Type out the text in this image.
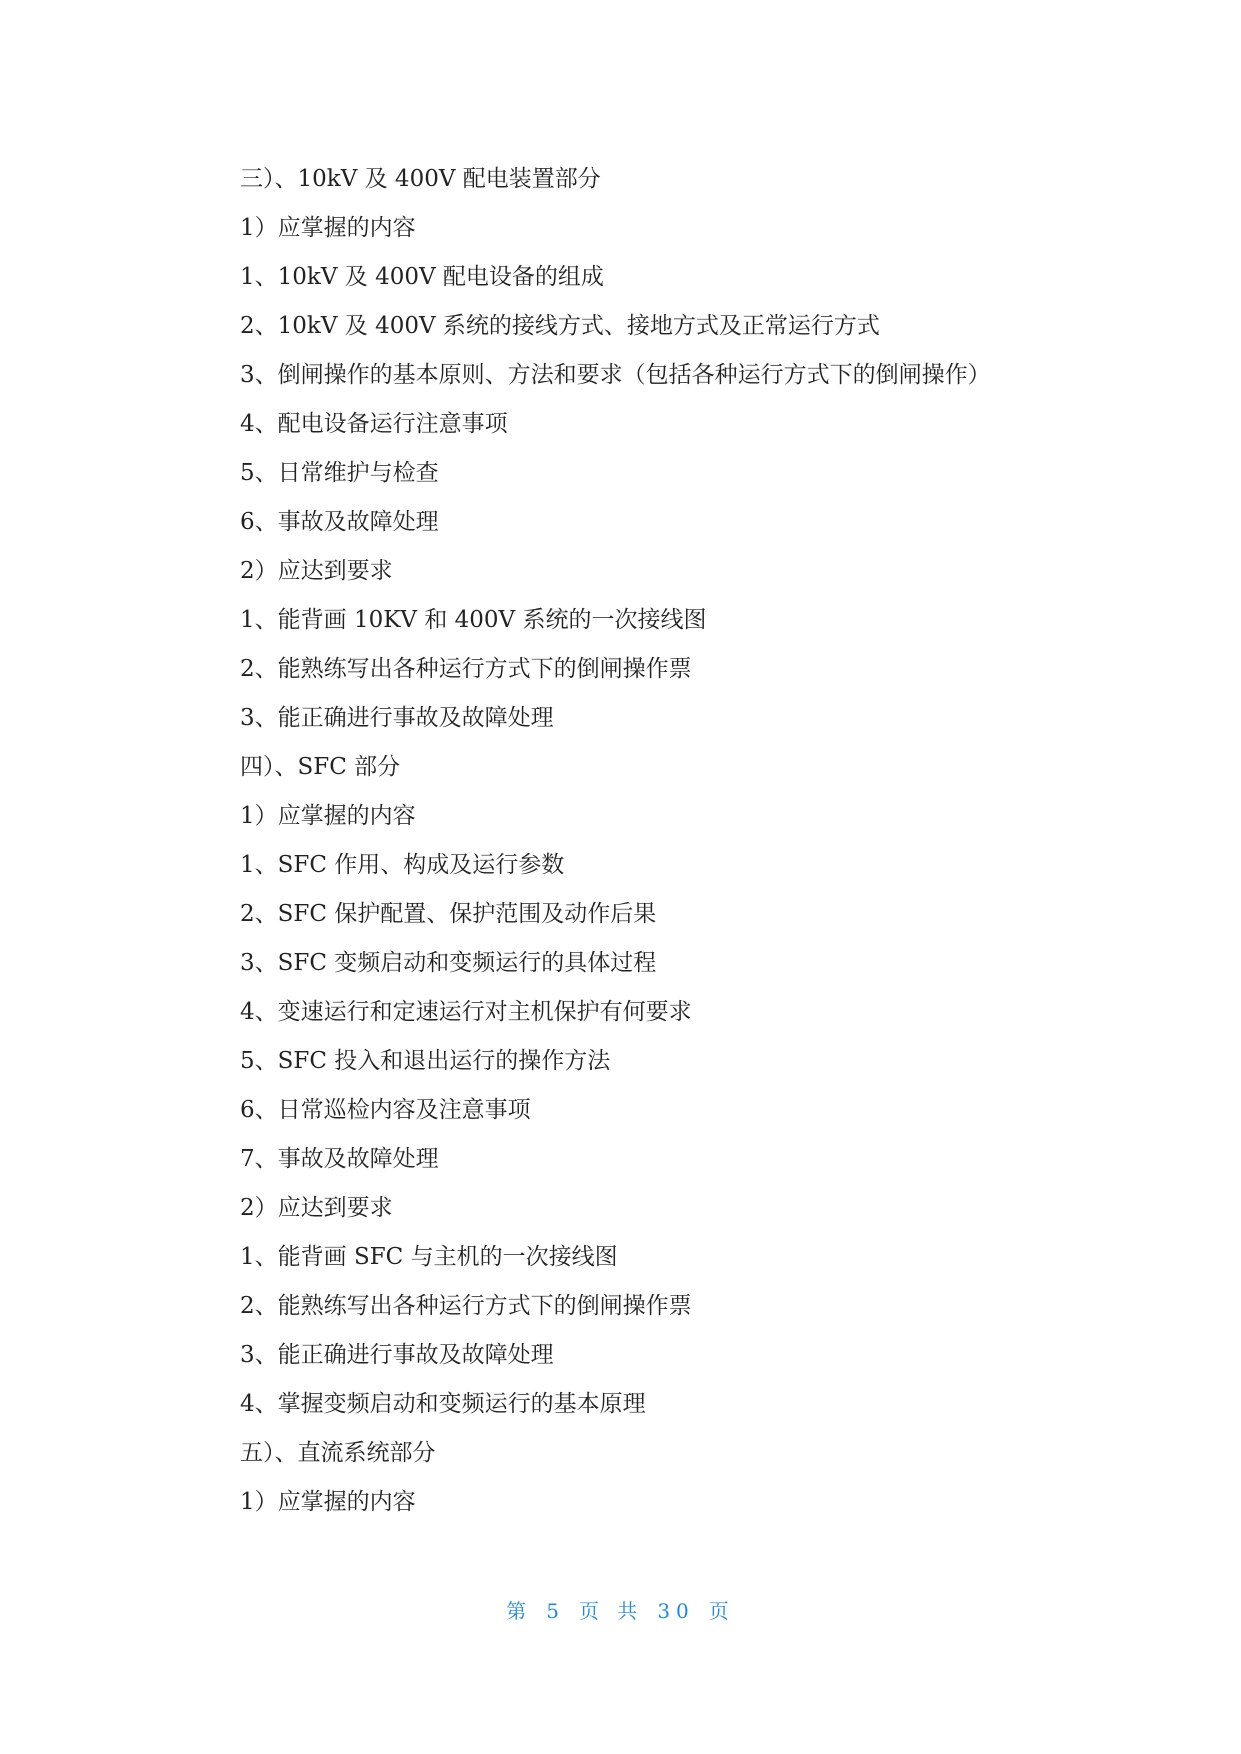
三）、10kV 及 400V 配电装置部分
1）应掌握的内容
1、10kV 及 400V 配电设备的组成
2、10kV 及 400V 系统的接线方式、接地方式及正常运行方式
3、倒闸操作的基本原则、方法和要求（包括各种运行方式下的倒闸操作）
4、配电设备运行注意事项
5、日常维护与检查
6、事故及故障处理
2）应达到要求
1、能背画 10KV 和 400V 系统的一次接线图
2、能熟练写出各种运行方式下的倒闸操作票
3、能正确进行事故及故障处理
四）、SFC 部分
1）应掌握的内容
1、SFC 作用、构成及运行参数
2、SFC 保护配置、保护范围及动作后果
3、SFC 变频启动和变频运行的具体过程
4、变速运行和定速运行对主机保护有何要求
5、SFC 投入和退出运行的操作方法
6、日常巡检内容及注意事项
7、事故及故障处理
2）应达到要求
1、能背画 SFC 与主机的一次接线图
2、能熟练写出各种运行方式下的倒闸操作票
3、能正确进行事故及故障处理
4、掌握变频启动和变频运行的基本原理
五）、直流系统部分
1）应掌握的内容
第 5 页 共 30 页
